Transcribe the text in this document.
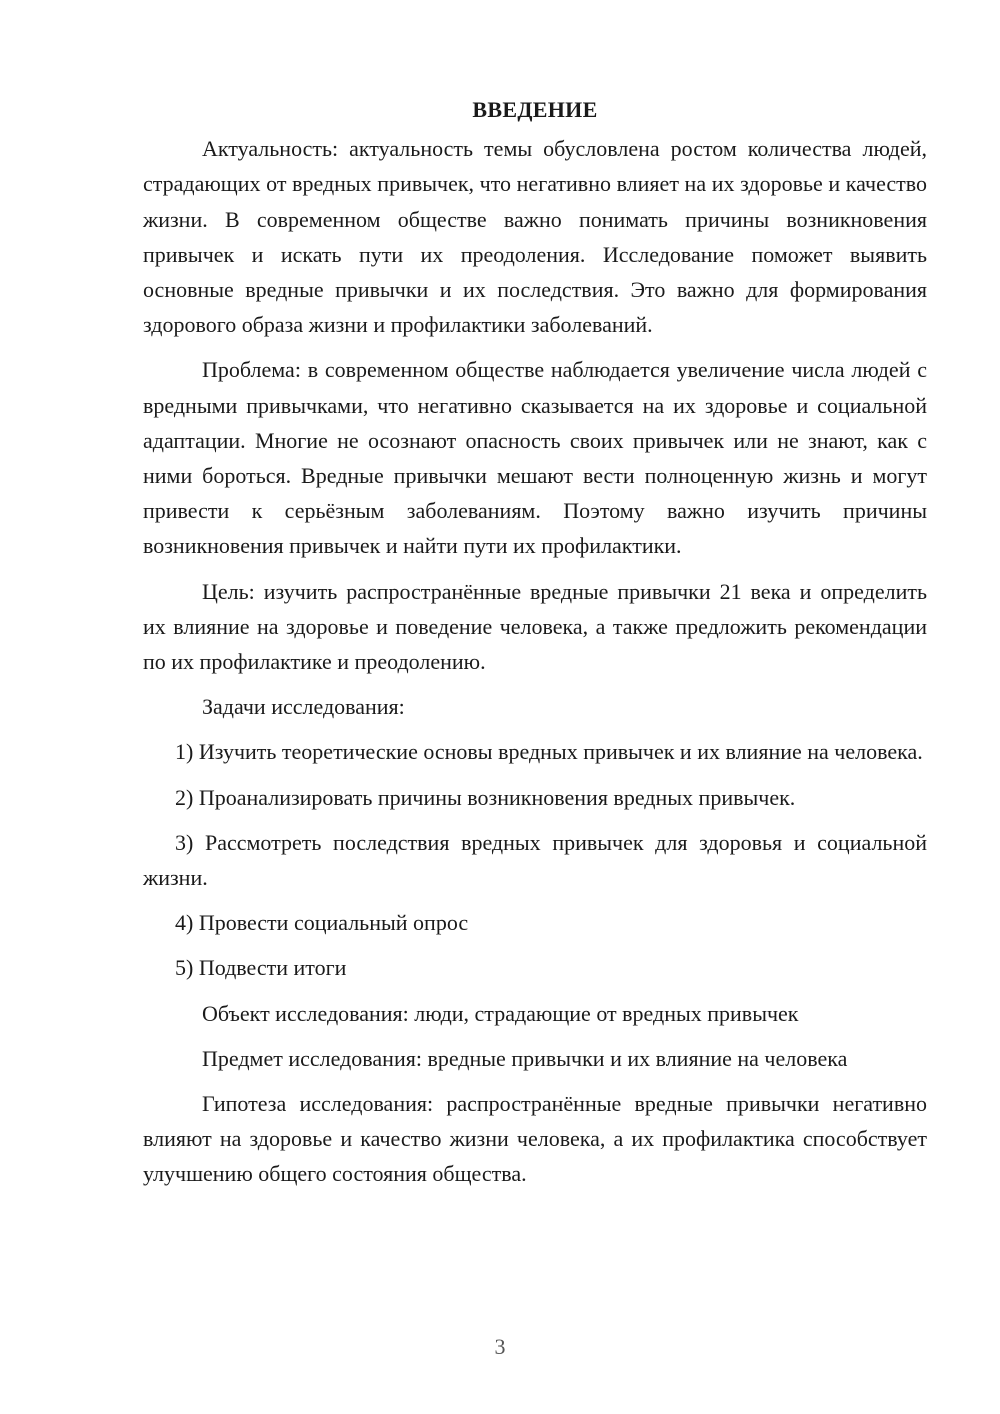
ВВЕДЕНИЕ

Актуальность: актуальность темы обусловлена ростом количества людей, страдающих от вредных привычек, что негативно влияет на их здоровье и качество жизни. В современном обществе важно понимать причины возникновения привычек и искать пути их преодоления. Исследование поможет выявить основные вредные привычки и их последствия. Это важно для формирования здорового образа жизни и профилактики заболеваний.

Проблема: в современном обществе наблюдается увеличение числа людей с вредными привычками, что негативно сказывается на их здоровье и социальной адаптации. Многие не осознают опасность своих привычек или не знают, как с ними бороться. Вредные привычки мешают вести полноценную жизнь и могут привести к серьёзным заболеваниям. Поэтому важно изучить причины возникновения привычек и найти пути их профилактики.

Цель: изучить распространённые вредные привычки 21 века и определить их влияние на здоровье и поведение человека, а также предложить рекомендации по их профилактике и преодолению.

Задачи исследования:

1) Изучить теоретические основы вредных привычек и их влияние на человека.

2) Проанализировать причины возникновения вредных привычек.

3) Рассмотреть последствия вредных привычек для здоровья и социальной жизни.

4) Провести социальный опрос

5) Подвести итоги

Объект исследования: люди, страдающие от вредных привычек

Предмет исследования: вредные привычки и их влияние на человека

Гипотеза исследования: распространённые вредные привычки негативно влияют на здоровье и качество жизни человека, а их профилактика способствует улучшению общего состояния общества.

3
